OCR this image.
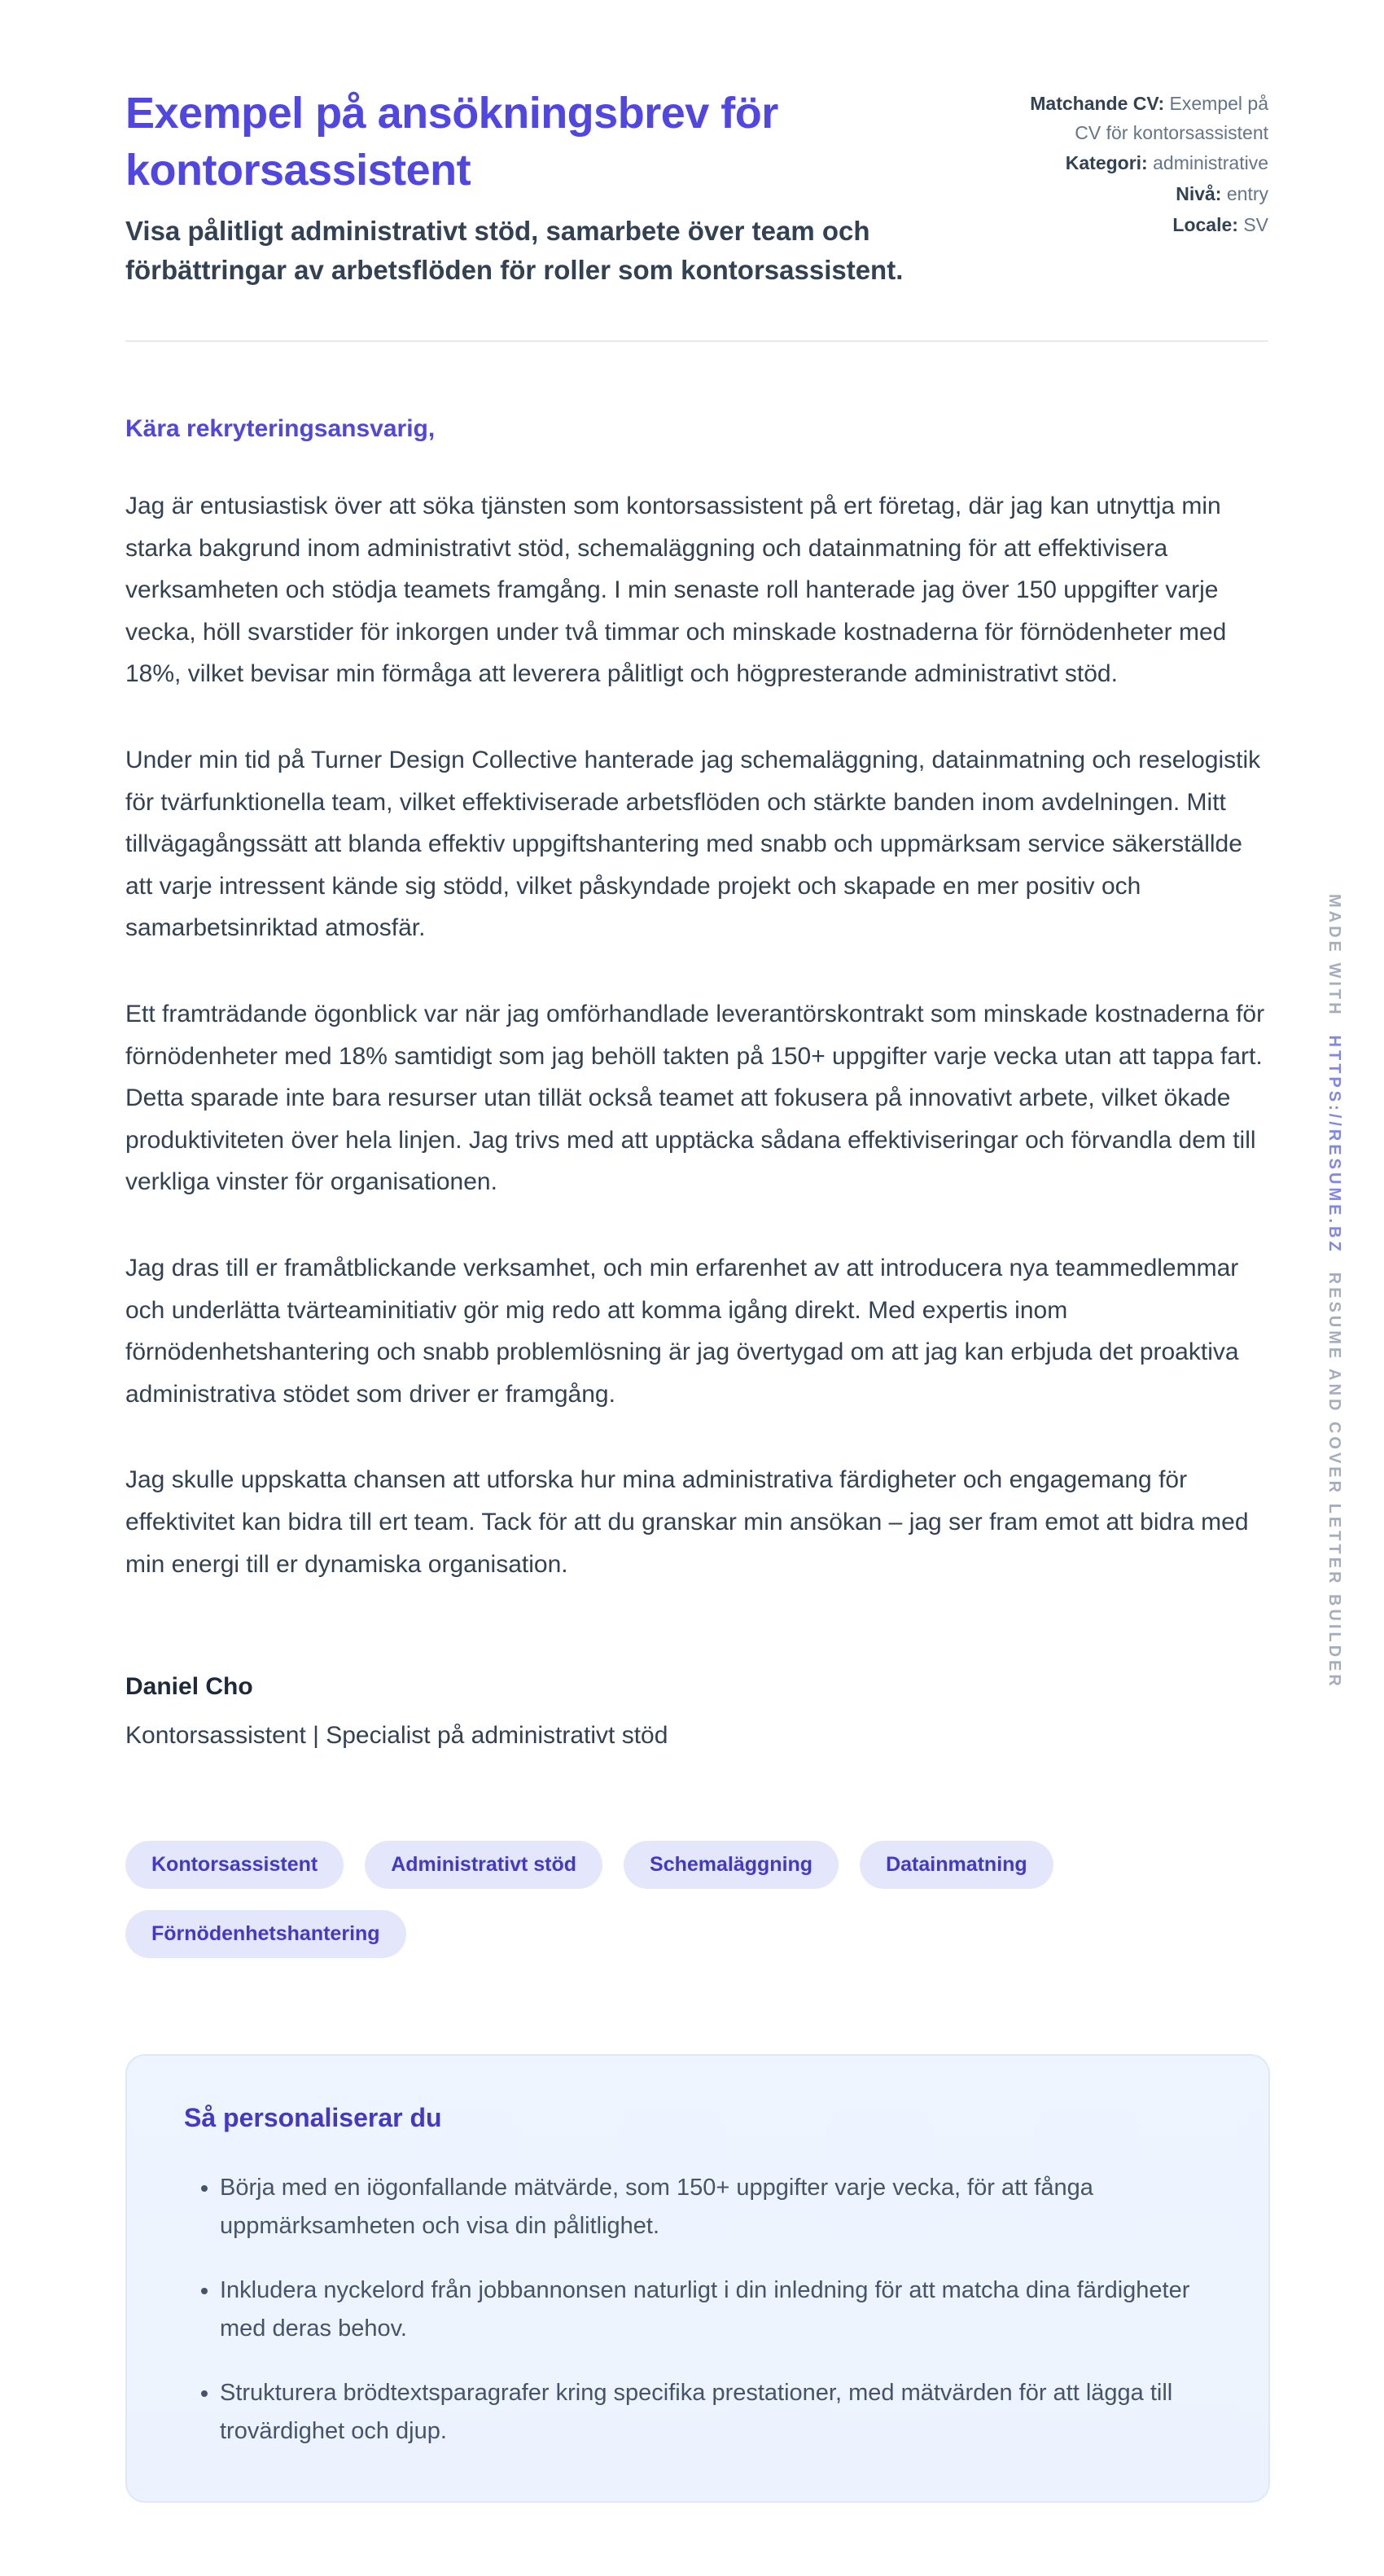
Exempel på ansökningsbrev för kontorsassistent

Visa pålitligt administrativt stöd, samarbete över team och förbättringar av arbetsflöden för roller som kontorsassistent.

Matchande CV: Exempel på CV för kontorsassistent
Kategori: administrative
Nivå: entry
Locale: SV
Kära rekryteringsansvarig,

Jag är entusiastisk över att söka tjänsten som kontorsassistent på ert företag, där jag kan utnyttja min starka bakgrund inom administrativt stöd, schemaläggning och datainmatning för att effektivisera verksamheten och stödja teamets framgång. I min senaste roll hanterade jag över 150 uppgifter varje vecka, höll svarstider för inkorgen under två timmar och minskade kostnaderna för förnödenheter med 18%, vilket bevisar min förmåga att leverera pålitligt och högpresterande administrativt stöd.

Under min tid på Turner Design Collective hanterade jag schemaläggning, datainmatning och reselogistik för tvärfunktionella team, vilket effektiviserade arbetsflöden och stärkte banden inom avdelningen. Mitt tillvägagångssätt att blanda effektiv uppgiftshantering med snabb och uppmärksam service säkerställde att varje intressent kände sig stödd, vilket påskyndade projekt och skapade en mer positiv och samarbetsinriktad atmosfär.

Ett framträdande ögonblick var när jag omförhandlade leverantörskontrakt som minskade kostnaderna för förnödenheter med 18% samtidigt som jag behöll takten på 150+ uppgifter varje vecka utan att tappa fart. Detta sparade inte bara resurser utan tillät också teamet att fokusera på innovativt arbete, vilket ökade produktiviteten över hela linjen. Jag trivs med att upptäcka sådana effektiviseringar och förvandla dem till verkliga vinster för organisationen.

Jag dras till er framåtblickande verksamhet, och min erfarenhet av att introducera nya teammedlemmar och underlätta tvärteaminitiativ gör mig redo att komma igång direkt. Med expertis inom förnödenhetshantering och snabb problemlösning är jag övertygad om att jag kan erbjuda det proaktiva administrativa stödet som driver er framgång.

Jag skulle uppskatta chansen att utforska hur mina administrativa färdigheter och engagemang för effektivitet kan bidra till ert team. Tack för att du granskar min ansökan – jag ser fram emot att bidra med min energi till er dynamiska organisation.

Daniel Cho
Kontorsassistent | Specialist på administrativt stöd
Kontorsassistent	Administrativt stöd	Schemaläggning	Datainmatning
Förnödenhetshantering
Så personaliserar du
• Börja med en iögonfallande mätvärde, som 150+ uppgifter varje vecka, för att fånga uppmärksamheten och visa din pålitlighet.
• Inkludera nyckelord från jobbannonsen naturligt i din inledning för att matcha dina färdigheter med deras behov.
• Strukturera brödtextsparagrafer kring specifika prestationer, med mätvärden för att lägga till trovärdighet och djup.
MADE WITHHTTPS://RESUME.BZRESUME AND COVER LETTER BUILDER
